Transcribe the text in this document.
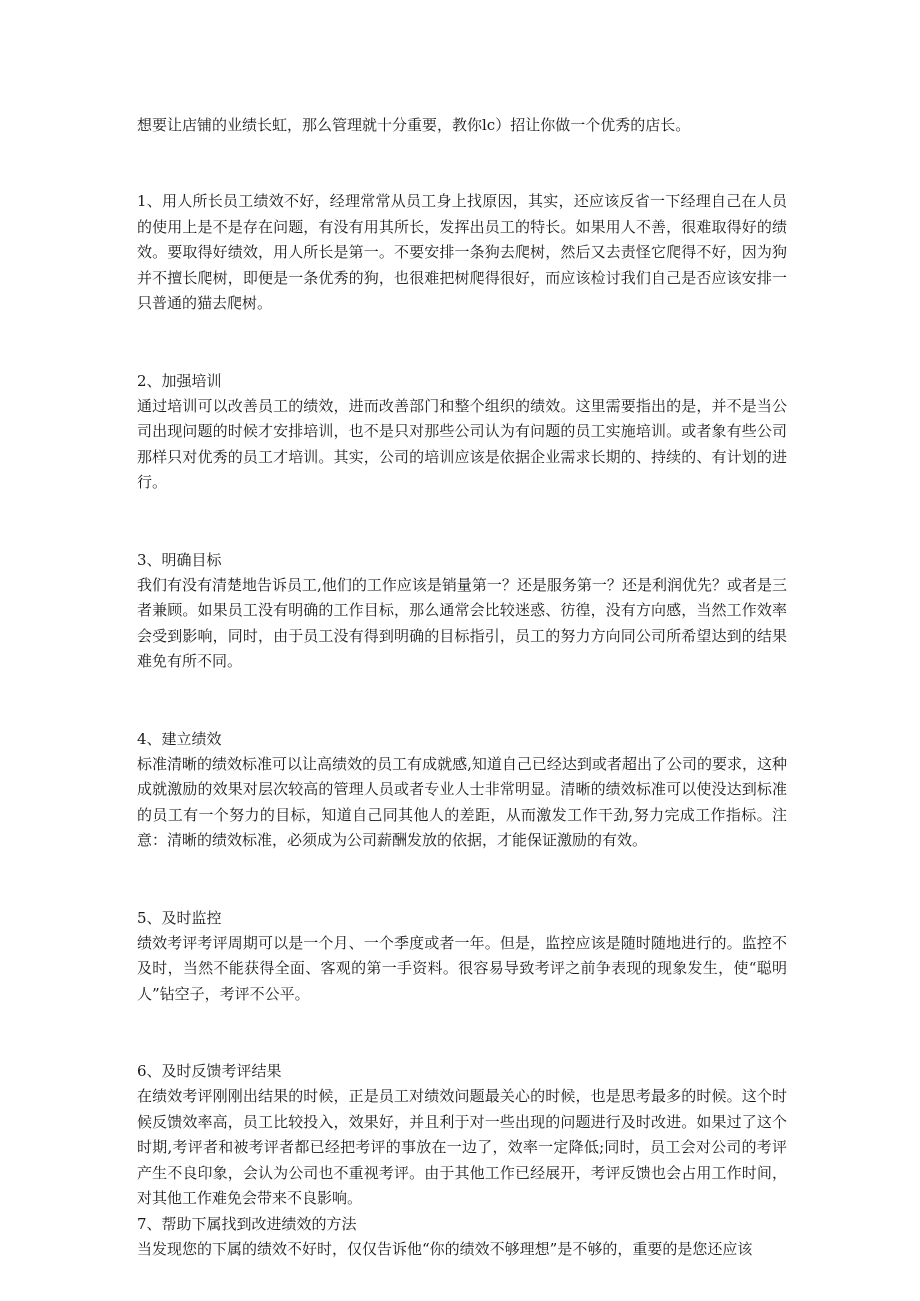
想要让店铺的业绩长虹，那么管理就十分重要，教你lc）招让你做一个优秀的店长。

1、用人所长员工绩效不好，经理常常从员工身上找原因，其实，还应该反省一下经理自己在人员的使用上是不是存在问题，有没有用其所长，发挥出员工的特长。如果用人不善，很难取得好的绩效。要取得好绩效，用人所长是第一。不要安排一条狗去爬树，然后又去责怪它爬得不好，因为狗并不擅长爬树，即便是一条优秀的狗，也很难把树爬得很好，而应该检讨我们自己是否应该安排一只普通的猫去爬树。

2、加强培训

通过培训可以改善员工的绩效，进而改善部门和整个组织的绩效。这里需要指出的是，并不是当公司出现问题的时候才安排培训，也不是只对那些公司认为有问题的员工实施培训。或者象有些公司那样只对优秀的员工才培训。其实，公司的培训应该是依据企业需求长期的、持续的、有计划的进行。

3、明确目标

我们有没有清楚地告诉员工,他们的工作应该是销量第一？还是服务第一？还是利润优先？或者是三者兼顾。如果员工没有明确的工作目标，那么通常会比较迷惑、彷徨，没有方向感，当然工作效率会受到影响，同时，由于员工没有得到明确的目标指引，员工的努力方向同公司所希望达到的结果难免有所不同。

4、建立绩效

标准清晰的绩效标准可以让高绩效的员工有成就感,知道自己已经达到或者超出了公司的要求，这种成就激励的效果对层次较高的管理人员或者专业人士非常明显。清晰的绩效标准可以使没达到标准的员工有一个努力的目标，知道自己同其他人的差距，从而激发工作干劲,努力完成工作指标。注意：清晰的绩效标准，必须成为公司薪酬发放的依据，才能保证激励的有效。

5、及时监控

绩效考评考评周期可以是一个月、一个季度或者一年。但是，监控应该是随时随地进行的。监控不及时，当然不能获得全面、客观的第一手资料。很容易导致考评之前争表现的现象发生，使“聪明人”钻空子，考评不公平。

6、及时反馈考评结果

在绩效考评刚刚出结果的时候，正是员工对绩效问题最关心的时候，也是思考最多的时候。这个时候反馈效率高，员工比较投入，效果好，并且利于对一些出现的问题进行及时改进。如果过了这个时期,考评者和被考评者都已经把考评的事放在一边了，效率一定降低;同时，员工会对公司的考评产生不良印象，会认为公司也不重视考评。由于其他工作已经展开，考评反馈也会占用工作时间，对其他工作难免会带来不良影响。

7、帮助下属找到改进绩效的方法

当发现您的下属的绩效不好时，仅仅告诉他“你的绩效不够理想”是不够的，重要的是您还应该
